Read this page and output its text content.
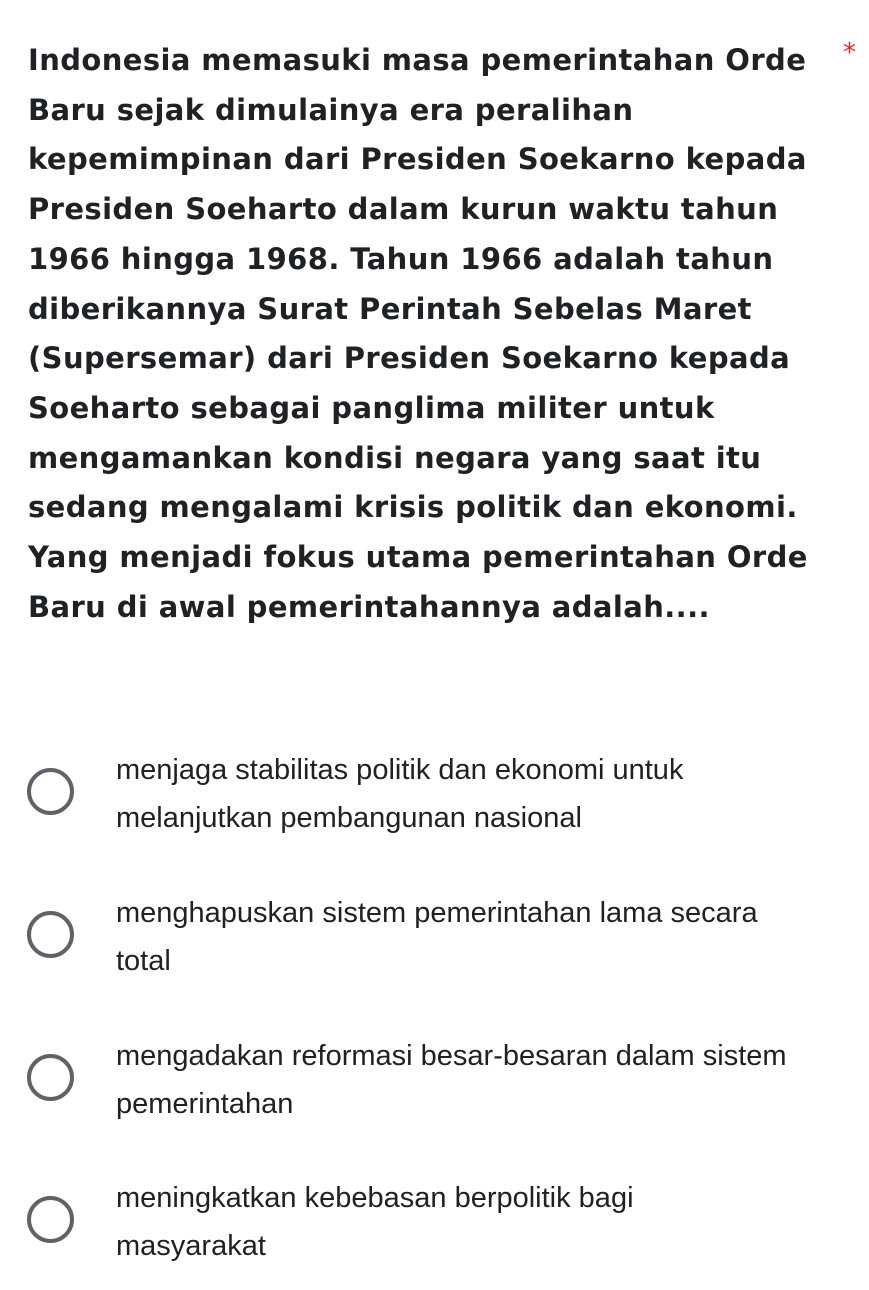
Indonesia memasuki masa pemerintahan Orde Baru sejak dimulainya era peralihan kepemimpinan dari Presiden Soekarno kepada Presiden Soeharto dalam kurun waktu tahun 1966 hingga 1968. Tahun 1966 adalah tahun diberikannya Surat Perintah Sebelas Maret (Supersemar) dari Presiden Soekarno kepada Soeharto sebagai panglima militer untuk mengamankan kondisi negara yang saat itu sedang mengalami krisis politik dan ekonomi. Yang menjadi fokus utama pemerintahan Orde Baru di awal pemerintahannya adalah....

*

menjaga stabilitas politik dan ekonomi untuk melanjutkan pembangunan nasional

menghapuskan sistem pemerintahan lama secara total

mengadakan reformasi besar-besaran dalam sistem pemerintahan

meningkatkan kebebasan berpolitik bagi masyarakat
